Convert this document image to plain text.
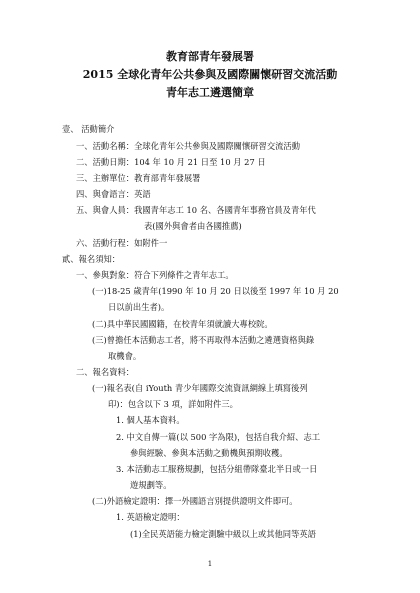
教育部青年發展署
2015 全球化青年公共參與及國際關懷研習交流活動
青年志工遴選簡章
壹、 活動簡介
一、活動名稱：全球化青年公共參與及國際關懷研習交流活動
二、活動日期：104 年 10 月 21 日至 10 月 27 日
三、主辦單位：教育部青年發展署
四、與會語言：英語
五、與會人員：我國青年志工 10 名、各國青年事務官員及青年代
表(國外與會者由各國推薦)
六、活動行程：如附件一
貳、報名須知：
一、參與對象：符合下列條件之青年志工。
(一)18-25 歲青年(1990 年 10 月 20 日以後至 1997 年 10 月 20
日以前出生者)。
(二)具中華民國國籍，在校青年須就讀大專校院。
(三)曾擔任本活動志工者，將不再取得本活動之遴選資格與錄
取機會。
二、報名資料：
(一)報名表(自 iYouth 青少年國際交流資訊網線上填寫後列
印)：包含以下 3 項，詳如附件三。
1. 個人基本資料。
2. 中文自傳一篇(以 500 字為限)，包括自我介紹、志工
參與經驗、參與本活動之動機與預期收穫。
3. 本活動志工服務規劃，包括分組帶隊臺北半日或一日
遊規劃等。
(二)外語檢定證明：擇一外國語言別提供證明文件即可。
1. 英語檢定證明：
(1)全民英語能力檢定測驗中級以上或其他同等英語
1
